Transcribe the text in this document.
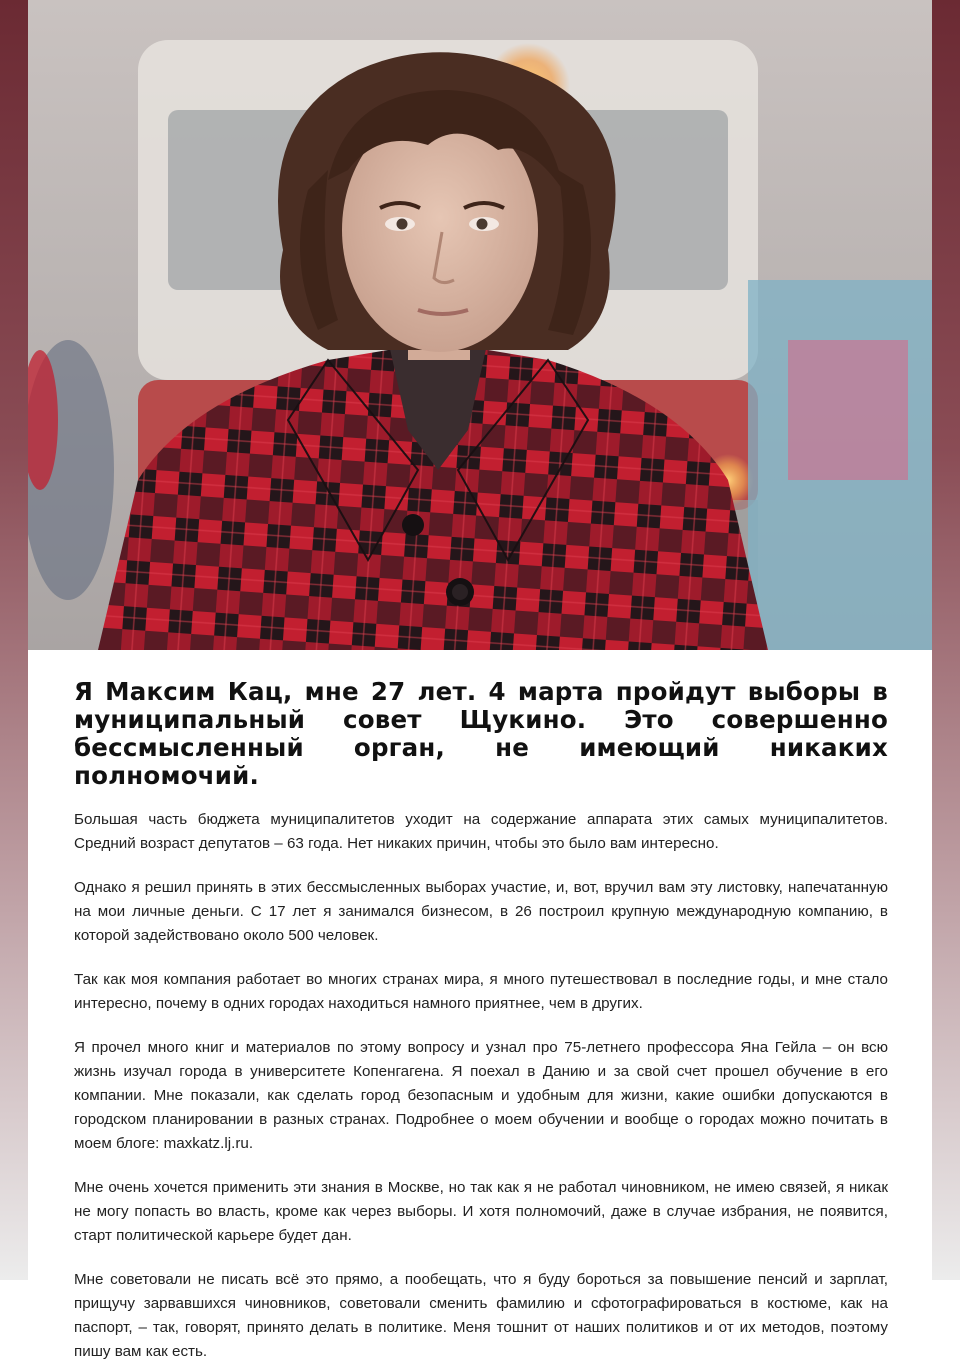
Я Максим Кац, мне 27 лет. 4 марта пройдут выборы в муниципальный совет Щукино. Это совершенно бессмысленный орган, не имеющий никаких полномочий.

Большая часть бюджета муниципалитетов уходит на содержание аппарата этих самых муниципалитетов. Средний возраст депутатов – 63 года. Нет никаких причин, чтобы это было вам интересно.

Однако я решил принять в этих бессмысленных выборах участие, и, вот, вручил вам эту листовку, напечатанную на мои личные деньги. С 17 лет я занимался бизнесом, в 26 построил крупную международную компанию, в которой задействовано около 500 человек.

Так как моя компания работает во многих странах мира, я много путешествовал в последние годы, и мне стало интересно, почему в одних городах находиться намного приятнее, чем в других.

Я прочел много книг и материалов по этому вопросу и узнал про 75-летнего профессора Яна Гейла – он всю жизнь изучал города в университете Копенгагена. Я поехал в Данию и за свой счет прошел обучение в его компании. Мне показали, как сделать город безопасным и удобным для жизни, какие ошибки допускаются в городском планировании в разных странах. Подробнее о моем обучении и вообще о городах можно почитать в моем блоге: maxkatz.lj.ru.

Мне очень хочется применить эти знания в Москве, но так как я не работал чиновником, не имею связей, я никак не могу попасть во власть, кроме как через выборы. И хотя полномочий, даже в случае избрания, не появится, старт политической карьере будет дан.

Мне советовали не писать всё это прямо, а пообещать, что я буду бороться за повышение пенсий и зарплат, прищучу зарвавшихся чиновников, советовали сменить фамилию и сфотографироваться в костюме, как на паспорт, – так, говорят, принято делать в политике. Меня тошнит от наших политиков и от их методов, поэтому пишу вам как есть.
